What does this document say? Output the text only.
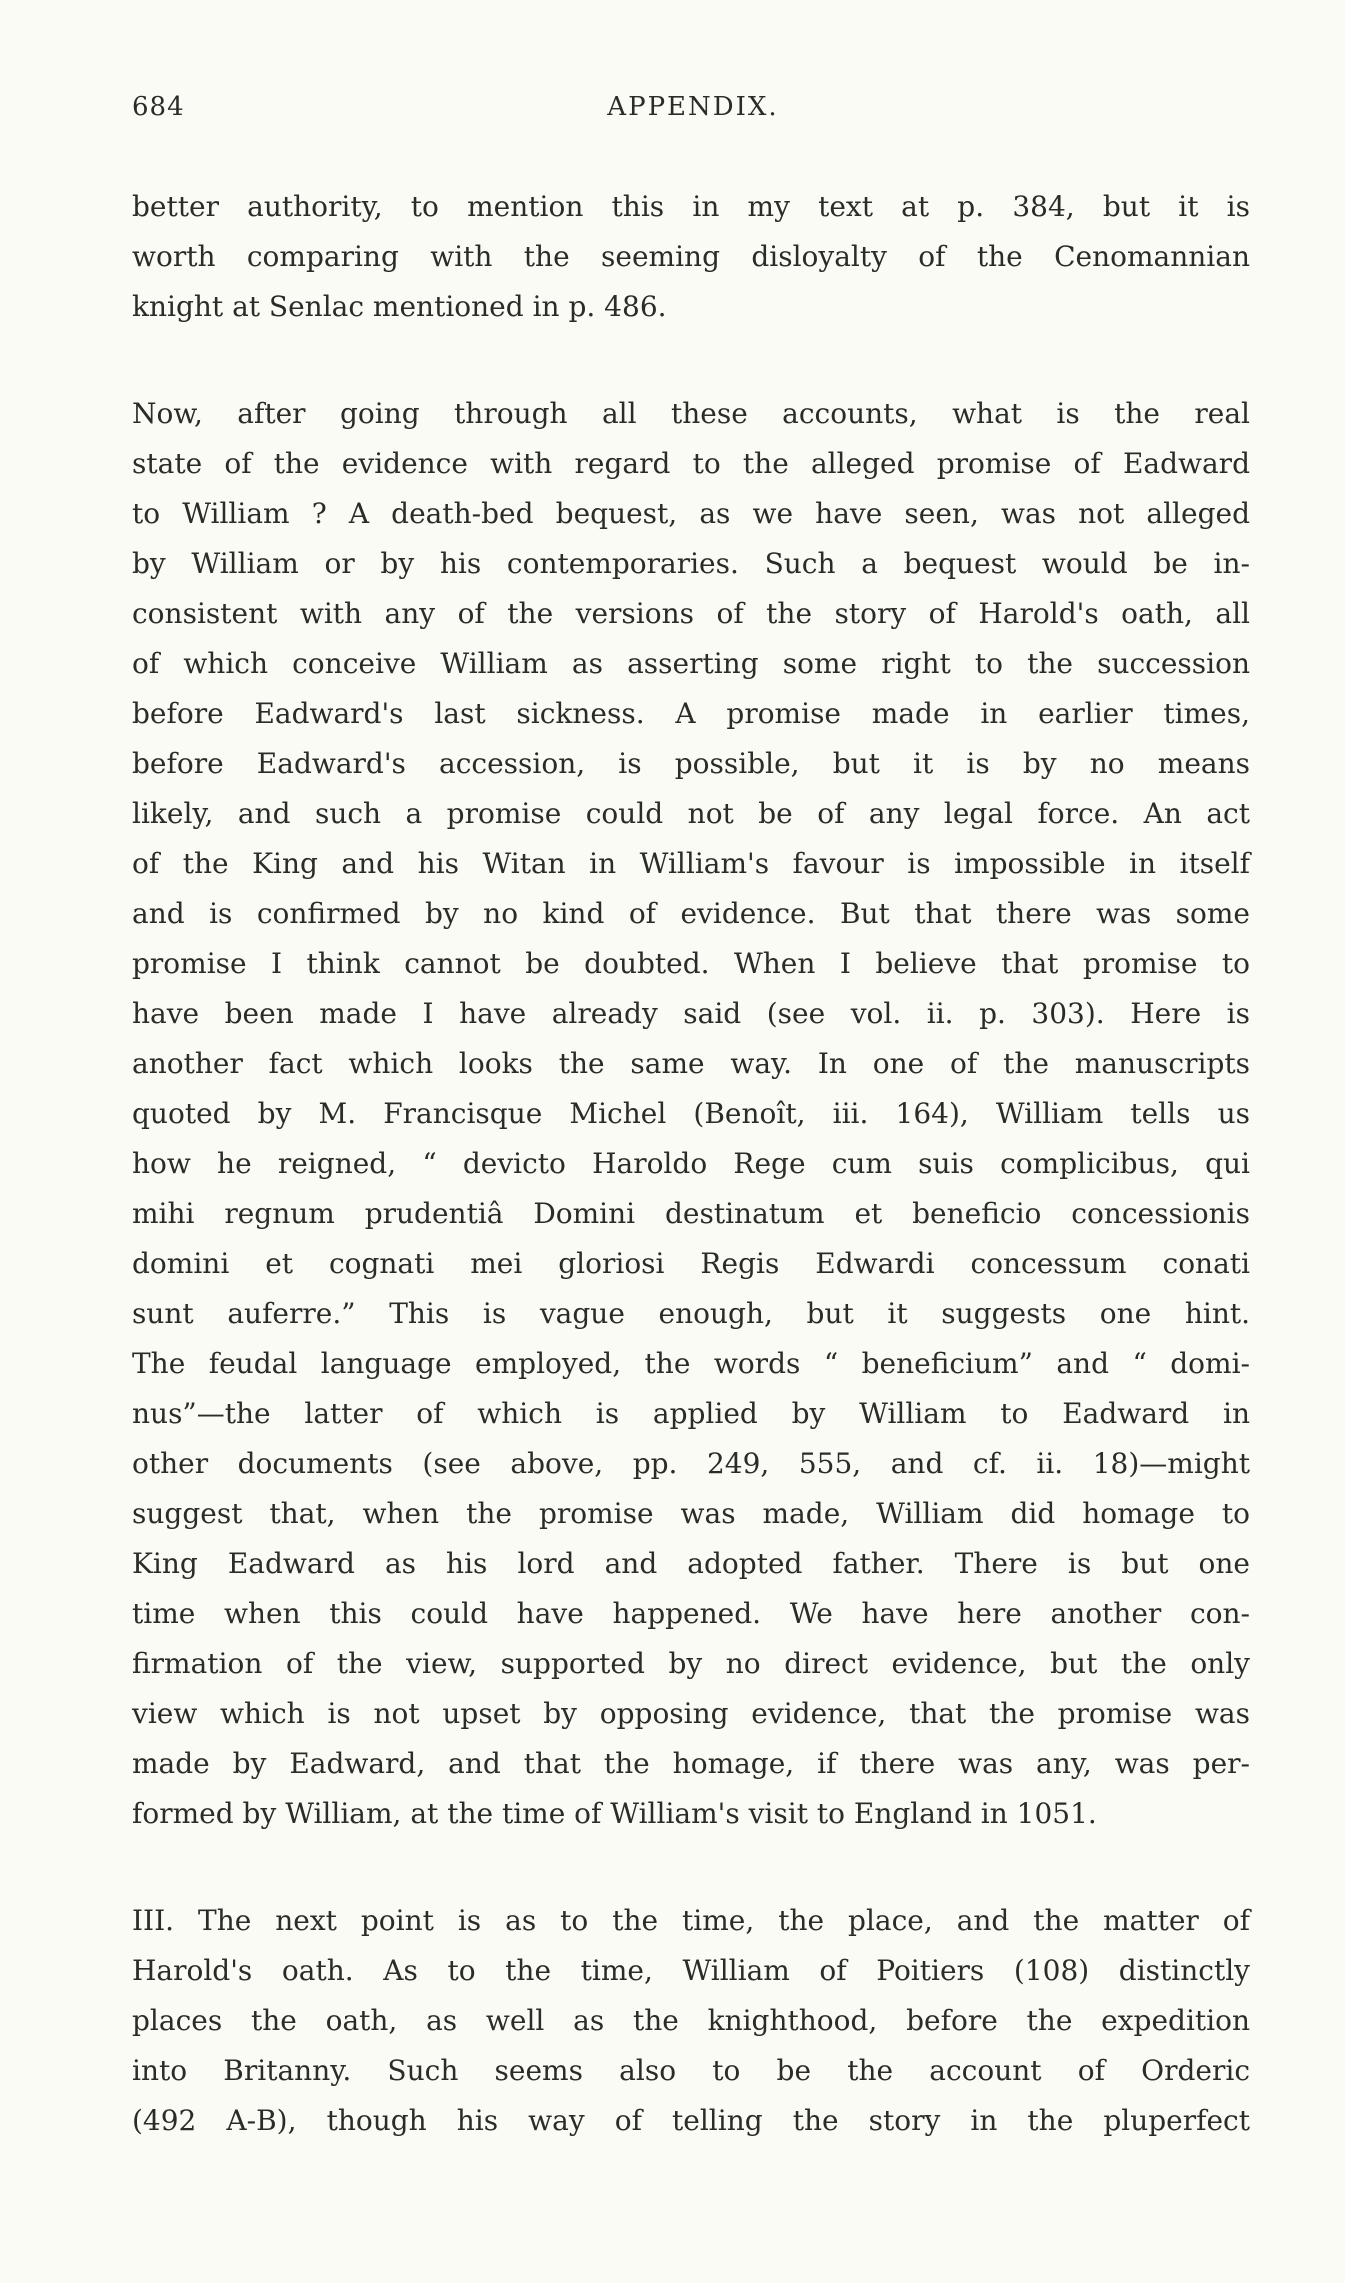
684	APPENDIX.
better authority, to mention this in my text at p. 384, but it is
worth comparing with the seeming disloyalty of the Cenomannian
knight at Senlac mentioned in p. 486.
Now, after going through all these accounts, what is the real
state of the evidence with regard to the alleged promise of Eadward
to William ? A death-bed bequest, as we have seen, was not alleged
by William or by his contemporaries. Such a bequest would be in-
consistent with any of the versions of the story of Harold's oath, all
of which conceive William as asserting some right to the succession
before Eadward's last sickness. A promise made in earlier times,
before Eadward's accession, is possible, but it is by no means
likely, and such a promise could not be of any legal force. An act
of the King and his Witan in William's favour is impossible in itself
and is confirmed by no kind of evidence. But that there was some
promise I think cannot be doubted. When I believe that promise to
have been made I have already said (see vol. ii. p. 303). Here is
another fact which looks the same way. In one of the manuscripts
quoted by M. Francisque Michel (Benoît, iii. 164), William tells us
how he reigned, “ devicto Haroldo Rege cum suis complicibus, qui
mihi regnum prudentiâ Domini destinatum et beneficio concessionis
domini et cognati mei gloriosi Regis Edwardi concessum conati
sunt auferre.” This is vague enough, but it suggests one hint.
The feudal language employed, the words “ beneficium” and “ domi-
nus”—the latter of which is applied by William to Eadward in
other documents (see above, pp. 249, 555, and cf. ii. 18)—might
suggest that, when the promise was made, William did homage to
King Eadward as his lord and adopted father. There is but one
time when this could have happened. We have here another con-
firmation of the view, supported by no direct evidence, but the only
view which is not upset by opposing evidence, that the promise was
made by Eadward, and that the homage, if there was any, was per-
formed by William, at the time of William's visit to England in 1051.
III. The next point is as to the time, the place, and the matter of
Harold's oath. As to the time, William of Poitiers (108) distinctly
places the oath, as well as the knighthood, before the expedition
into Britanny. Such seems also to be the account of Orderic
(492 A-B), though his way of telling the story in the pluperfect
